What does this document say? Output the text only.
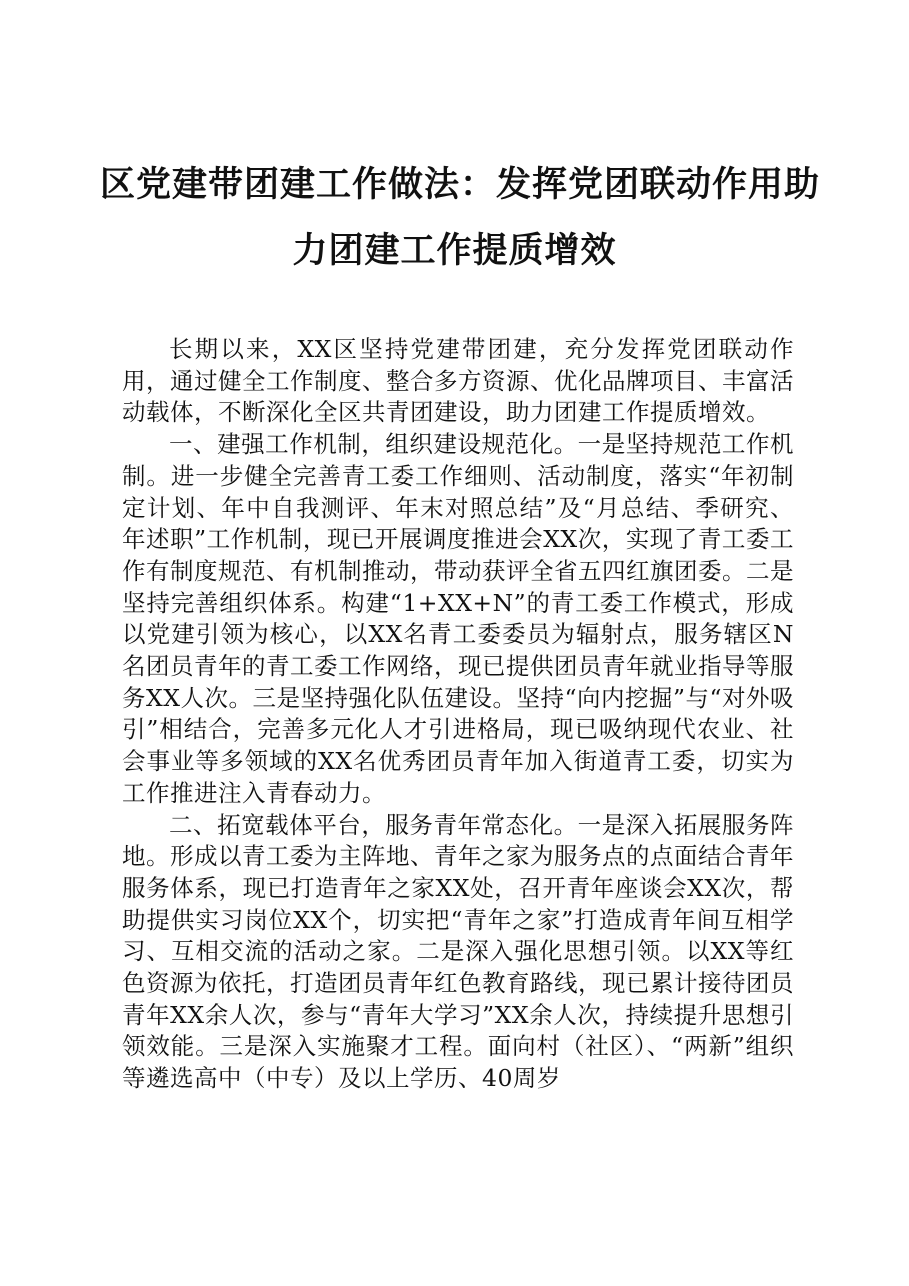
区党建带团建工作做法：发挥党团联动作用助
力团建工作提质增效

长期以来，XX区坚持党建带团建，充分发挥党团联动作用，通过健全工作制度、整合多方资源、优化品牌项目、丰富活动载体，不断深化全区共青团建设，助力团建工作提质增效。

一、建强工作机制，组织建设规范化。一是坚持规范工作机制。进一步健全完善青工委工作细则、活动制度，落实“年初制定计划、年中自我测评、年末对照总结”及“月总结、季研究、年述职”工作机制，现已开展调度推进会XX次，实现了青工委工作有制度规范、有机制推动，带动获评全省五四红旗团委。二是坚持完善组织体系。构建“1+XX+N”的青工委工作模式，形成以党建引领为核心，以XX名青工委委员为辐射点，服务辖区N名团员青年的青工委工作网络，现已提供团员青年就业指导等服务XX人次。三是坚持强化队伍建设。坚持“向内挖掘”与“对外吸引”相结合，完善多元化人才引进格局，现已吸纳现代农业、社会事业等多领域的XX名优秀团员青年加入街道青工委，切实为工作推进注入青春动力。

二、拓宽载体平台，服务青年常态化。一是深入拓展服务阵地。形成以青工委为主阵地、青年之家为服务点的点面结合青年服务体系，现已打造青年之家XX处，召开青年座谈会XX次，帮助提供实习岗位XX个，切实把“青年之家”打造成青年间互相学习、互相交流的活动之家。二是深入强化思想引领。以XX等红色资源为依托，打造团员青年红色教育路线，现已累计接待团员青年XX余人次，参与“青年大学习”XX余人次，持续提升思想引领效能。三是深入实施聚才工程。面向村（社区）、“两新”组织等遴选高中（中专）及以上学历、40周岁
